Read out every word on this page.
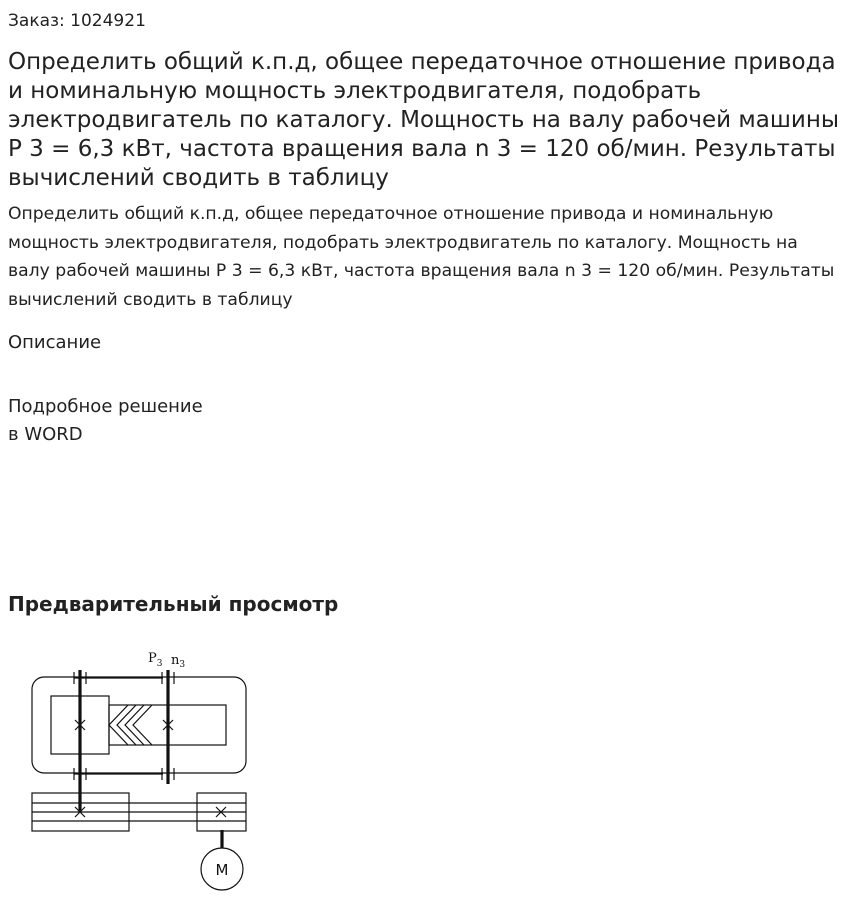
Заказ: 1024921

Определить общий к.п.д, общее передаточное отношение привода и номинальную мощность электродвигателя, подобрать электродвигатель по каталогу. Мощность на валу рабочей машины Р 3 = 6,3 кВт, частота вращения вала n 3 = 120 об/мин. Результаты вычислений сводить в таблицу

Определить общий к.п.д, общее передаточное отношение привода и номинальную мощность электродвигателя, подобрать электродвигатель по каталогу. Мощность на валу рабочей машины Р 3 = 6,3 кВт, частота вращения вала n 3 = 120 об/мин. Результаты вычислений сводить в таблицу

Описание

Подробное решение
в WORD

Предварительный просмотр
$P_3$ $n_3$
М
